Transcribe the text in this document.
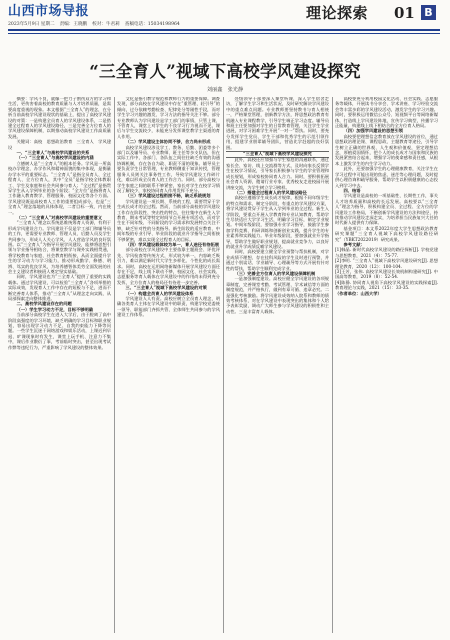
山西市场导报
2023年5月9日 星期二 责编：王晓鹏 校对：牛君莉 查稿电话：15034198964
理论探索 01 B
“三全育人”视域下高校学风建设探究
刘丽鑫　张光静

摘要：学风不良，就像一把刀子割伤双方的学习和生活，更伤害着高校的教育质量与人才培养质量，是需要高度重视的现象。本文根据“三全育人”的理念，在分析当前高校学风建设现状的基础上，提出了高校学风建设的对策：一是构建全员育人的学风建设体系，二是搭建全过程育人的学风建设路径，三是完善全方位育人的学风建设保障机制，以期推动高校学风建设工作高质量发展。

关键词：高校　思想政治教育　三全育人　学风建设

一、“三全育人”与高校学风建设的关系

（一）“三全育人”与高校学风建设的内涵

立德树人是“三全育人”的根本任务。学风是一所高校办学理念、办学作风和精神面貌的集中体现，是衡量办学水平的重要标志。“三全育人”是指全员育人、全过程育人、全方位育人，其中“全员”是指学校全体教职工、学生及家庭和社会共同参与育人；“全过程”是指贯穿学生从入学到毕业的各个阶段；“全方位”是指将育人工作融入教育教学、管理服务、校园文化等各个方面。学风建设既是高校育人工作的重要组成部分，也是“三全育人”理念落地的具体体现，二者目标一致、内在统一。

（二）“三全育人”对高校学风建设的重要意义

“三全育人”理念以系统思维统筹育人资源，有利于形成学风建设合力。学风建设不仅是学工部门和辅导员的工作，更需要专业教师、管理人员、后勤人员及学生共同参与，形成人人关心学风、人人营造学风的良好氛围。以“三全育人”为指导开展学风建设，能够将思想引领与学业指导相结合，将课堂教学与课外实践相贯通，将学校教育与家庭、社会教育相衔接，从而全面提升学生的学习动力与学习能力，推动形成勤学、修德、明辨、笃实的优良学风，为培养德智体美劳全面发展的社会主义建设者和接班人奠定坚实基础。

同时，学风建设也为“三全育人”提供了重要的实践载体。通过学风建设，可以检验“三全育人”各项举措的实际成效，发现育人工作中存在的短板与不足，进而不断完善育人体系，推动“三全育人”从理念走向实践、从局部探索走向整体推进。

二、高校学风建设存在的问题

（一）学生学习动力不足，目标不够明确

当前部分高校学生在进入大学后，由于脱离了高中阶段高强度的学习环境，缺乏明确的学习目标和职业规划，容易出现学习动力不足、自我约束能力下降等问题。一些学生沉迷于网络游戏和娱乐活动，上课迟到早退、旷课现象时有发生，课堂上玩手机、注意力不集中，课后作业敷衍了事，考前临时突击，甚至出现考试作弊等违纪行为，严重影响了学风建设的整体效果。

文化是指引教学规范和教师行为的重要保障。调查发现，部分高校在学风建设中存在“重管理、轻引导”的倾向，过分依赖考勤检查、纪律处分等刚性手段，而对学生学习兴趣的激发、学习方法的指导关注不够。部分专业教师认为学风建设是学工部门的事情，只管上课、不管育人，课堂上对学生的不良学习行为视而不见，课后与学生交流较少，未能充分发挥课堂教学主渠道的育人作用。

（二）学风建设主体协同不够，合力尚未形成

高校学风建设涉及学工、教务、后勤、团委等多个部门以及辅导员、专业教师、班主任等多支队伍，但在实际工作中，各部门、各队伍之间往往缺乏有效的沟通协调机制，存在各自为政、职责不清的现象。辅导员主要负责学生日常管理，专业教师侧重于知识传授，管理服务人员则关注事务性工作，导致学风建设工作碎片化，难以形成全员育人的工作合力。同时，部分高校与学生家庭之间的联系不够紧密，家长对学生在校学习情况了解较少，家校协同育人作用发挥不充分。

（三）学风建设过程衔接不畅，缺乏系统规划

学风建设是一项长期、系统的工程，需要贯穿于学生成长成才的全过程。然而，当前部分高校的学风建设工作存在阶段性、突击性的特点，往往集中在新生入学教育、期末考试等特定时间节点开展专项活动，而对学生在不同年级、不同阶段的学习需求和发展特点关注不够，缺乏针对性的分类指导。新生阶段的适应教育、中间年级的专业引导、毕业阶段的就业升学指导之间衔接不够紧密，难以实现全过程育人的目标。

（四）学风建设载体较为单一，育人途径有待拓展

部分高校在学风建设中主要依靠主题班会、评优评先、学风检查等传统方式，形式较为单一，内容缺乏吸引力，难以满足新时代大学生多样化、个性化的成长需求。同时，高校在运用网络新媒体开展学风建设方面还存在不足，线上线下联动不够，校园文化、社会实践、志愿服务等育人载体在学风建设中的作用尚未得到充分发挥，全方位育人的格局还有待进一步完善。

三、“三全育人”视域下高校学风建设的对策

（一）构建全员育人的学风建设体系

学风建设人人有责。高校应树立全员育人理念，明确各类育人主体在学风建设中的职责，构建学校党委统一领导、职能部门齐抓共管、全体师生共同参与的学风建设工作体系。

处级领导干部要深入课堂听课，深入学生宿舍走访，了解学生学习和生活状况，及时研究解决学风建设中的重点难点问题。专业教师要坚持教书与育人相统一，严格课堂管理，创新教学方法，将思想政治教育有机融入专业课程教学，引导学生端正学习态度。辅导员和班主任要加强对学生的日常教育管理，关注学生学业进展，对学习困难学生开展“一对一”帮扶。同时，要充分发挥学生党员、学生干部和优秀学生的示范引领作用，组建学业朋辈辅导团队，营造比学赶超的良好氛围。

“三全育人”视域下高校学风建设探究

此外，高校还应加强与学生家庭的沟通联系，通过家长会、家访、线上交流群等方式，及时向家长反馈学生在校学习情况，引导家长积极参与学生的学业管理和成长规划，形成家校协同育人合力。同时，要积极拓展社会育人资源，邀请行业专家、优秀校友走进校园开展讲座交流，为学生树立学习榜样。

（二）搭建全过程育人的学风建设路径

高校应遵循学生成长成才规律，根据不同年级学生的特点和需求，制定分阶段、有重点的学风建设方案，将学风建设贯穿于学生从入学到毕业的全过程。新生入学阶段，要重点开展入学教育和专业认知教育，帮助学生尽快适应大学学习生活，明确学习目标，制定学业规划。中间年级阶段，要加强专业学习指导，鼓励学生参加学科竞赛、科研训练和创新创业实践，提升学生的专业素养和实践能力。毕业年级阶段，要加强就业升学指导，帮助学生做好职业规划，提高就业竞争力，以良好的就业升学成绩反哺学风建设。

同时，高校要建立健全学业预警与帮扶机制，对学业成绩不理想、存在挂科风险的学生及时进行预警，并通过个别谈话、学业辅导、心理疏导等方式开展有针对性的帮扶，帮助学生顺利完成学业。

（三）完善全方位育人的学风建设保障机制

一是加强制度建设。高校应健全学风建设的各项规章制度，完善课堂考勤、考试管理、学术诚信等方面的制度规范，并严格执行，做到有章可循、违章必究。二是强化考核激励。将学风建设成效纳入院系和教师的绩效考核体系，对在学风建设中表现突出的集体和个人给予表彰奖励，调动广大师生参与学风建设的积极性和主动性。三是丰富育人载体。

高校要充分利用校园文化活动、社会实践、志愿服务等载体，开展读书分享会、学术讲座、学习经验交流会等丰富多彩的学风建设活动，激发学生的学习兴趣。同时，要积极运用微信公众号、短视频平台等网络新媒体，打造线上学风建设阵地，宣传学习典型，传播学习正能量，构建线上线下相结合的全方位育人格局。

（四）加强学风建设的思想引领

高校要把理想信念教育放在学风建设的首位，通过思想政治理论课、课程思政、主题教育等途径，引导学生树立正确的世界观、人生观和价值观，坚定理想信念，厚植爱国情怀，把个人的成长成才与国家和民族的发展紧密结合起来，增强学习的使命感和责任感，从根本上激发学生的内生学习动力。

此外，还要加强学生的心理健康教育，关注学生在学习过程中可能出现的焦虑、迷茫等心理问题，及时提供心理咨询和疏导服务，帮助学生以积极健康的心态投入到学习中去。

四、结语

学风建设是高校的一项基础性、长期性工作，事关人才培养质量和高校的长远发展。高校要以“三全育人”理念为指导，积极构建全员、全过程、全方位的学风建设工作格局，不断创新学风建设的方法和途径，持续推动学风建设走深走实，为培养担当民族复兴大任的时代新人提供有力保障。

基金项目：本文系2022年度大学生思想政治教育研究课题“三全育人视域下高校学风建设路径研究”（YBKT2022019）研究成果。

参考文献：

[1]韩晶. 新时代高校学风建设的路径探析[J]. 学校党建与思想教育，2021（4）：75-77.

[2]李明. “三全育人”视域下高校学风建设研究[J]. 思想理论教育，2020（12）：100-104.

[3]王芳，张伟. 高校学风建设长效机制构建研究[J]. 中国高等教育，2019（8）：52-54.

[4]陈静. 协同育人视角下高校学风建设的实践探索[J]. 教育理论与实践，2021（15）：33-35.

（作者单位：山西大学）
